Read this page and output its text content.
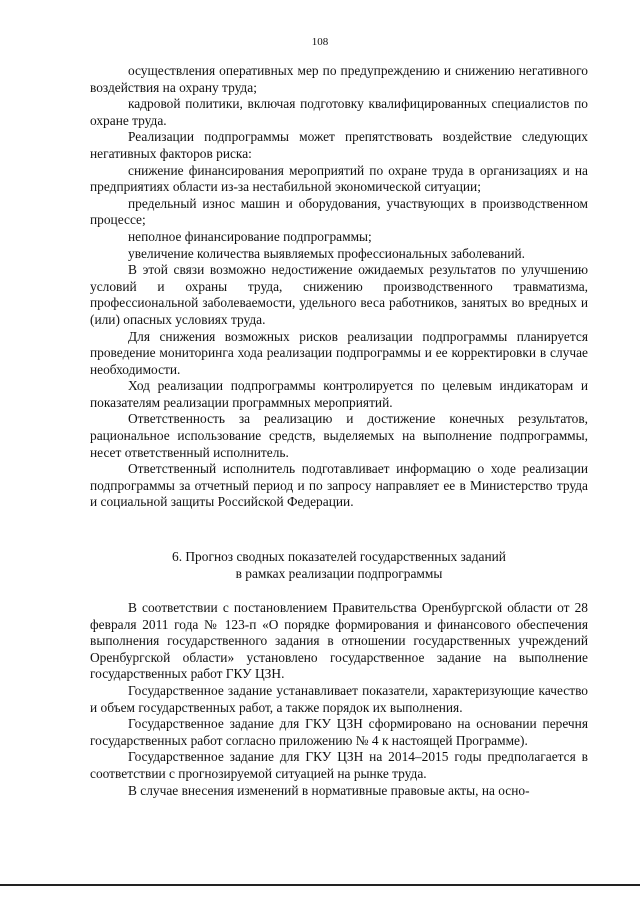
108

осуществления оперативных мер по предупреждению и снижению негативного воздействия на охрану труда;

кадровой политики, включая подготовку квалифицированных специалистов по охране труда.

Реализации подпрограммы может препятствовать воздействие следующих негативных факторов риска:

снижение финансирования мероприятий по охране труда в организациях и на предприятиях области из-за нестабильной экономической ситуации;

предельный износ машин и оборудования, участвующих в производственном процессе;

неполное финансирование подпрограммы;

увеличение количества выявляемых профессиональных заболеваний.

В этой связи возможно недостижение ожидаемых результатов по улучшению условий и охраны труда, снижению производственного травматизма, профессиональной заболеваемости, удельного веса работников, занятых во вредных и (или) опасных условиях труда.

Для снижения возможных рисков реализации подпрограммы планируется проведение мониторинга хода реализации подпрограммы и ее корректировки в случае необходимости.

Ход реализации подпрограммы контролируется по целевым индикаторам и показателям реализации программных мероприятий.

Ответственность за реализацию и достижение конечных результатов, рациональное использование средств, выделяемых на выполнение подпрограммы, несет ответственный исполнитель.

Ответственный исполнитель подготавливает информацию о ходе реализации подпрограммы за отчетный период и по запросу направляет ее в Министерство труда и социальной защиты Российской Федерации.

6. Прогноз сводных показателей государственных заданий
в рамках реализации подпрограммы

В соответствии с постановлением Правительства Оренбургской области от 28 февраля 2011 года № 123-п «О порядке формирования и финансового обеспечения выполнения государственного задания в отношении государственных учреждений Оренбургской области» установлено государственное задание на выполнение государственных работ ГКУ ЦЗН.

Государственное задание устанавливает показатели, характеризующие качество и объем государственных работ, а также порядок их выполнения.

Государственное задание для ГКУ ЦЗН сформировано на основании перечня государственных работ согласно приложению № 4 к настоящей Программе).

Государственное задание для ГКУ ЦЗН на 2014–2015 годы предполагается в соответствии с прогнозируемой ситуацией на рынке труда.

В случае внесения изменений в нормативные правовые акты, на осно-
